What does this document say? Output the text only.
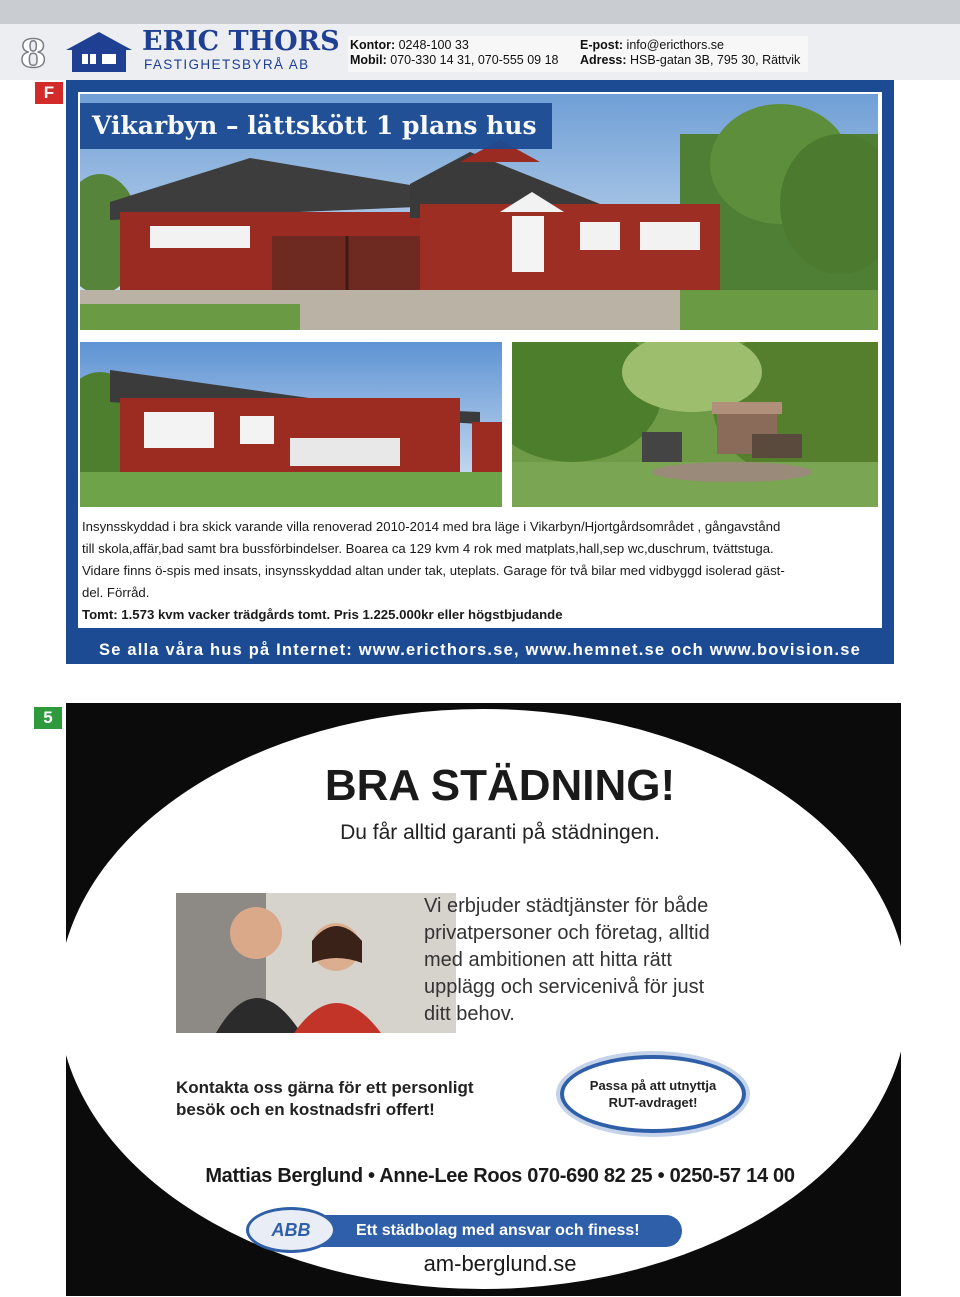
8	ERIC THORS
FASTIGHETSBYRÅ AB
Kontor: 0248-100 33	E-post: info@ericthors.se
Mobil: 070-330 14 31, 070-555 09 18 Adress: HSB-gatan 3B, 795 30, Rättvik
F
Vikarbyn – lättskött 1 plans hus

Insynsskyddad i bra skick varande villa renoverad 2010-2014 med bra läge i Vikarbyn/Hjortgårdsområdet , gångavstånd

till skola,affär,bad samt bra bussförbindelser. Boarea ca 129 kvm 4 rok med matplats,hall,sep wc,duschrum, tvättstuga.

Vidare finns ö-spis med insats, insynsskyddad altan under tak, uteplats. Garage för två bilar med vidbyggd isolerad gäst-

del. Förråd.

Tomt: 1.573 kvm vacker trädgårds tomt. Pris 1.225.000kr eller högstbjudande

Se alla våra hus på Internet: www.ericthors.se, www.hemnet.se och www.bovision.se
5
BRA STÄDNING!
Du får alltid garanti på städningen.
Vi erbjuder städtjänster för både
privatpersoner och företag, alltid
med ambitionen att hitta rätt
upplägg och servicenivå för just
ditt behov.
Kontakta oss gärna för ett personligt
besök och en kostnadsfri offert!
Passa på att utnyttja
RUT-avdraget!
Mattias Berglund • Anne-Lee Roos 070-690 82 25 • 0250-57 14 00
ABB	Ett städbolag med ansvar och finess!
am-berglund.se
